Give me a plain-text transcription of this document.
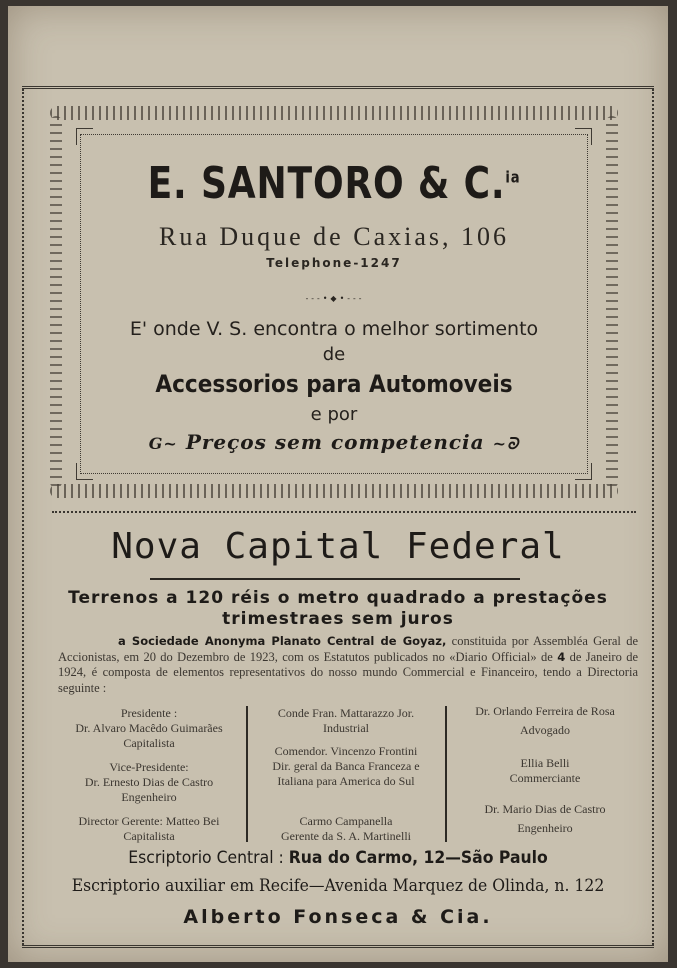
E. SANTORO & C.$^{ia}$
Rua Duque de Caxias, 106
Telephone-1247
---•◆•---
E' onde V. S. encontra o melhor sortimento
de
Accessorios para Automoveis
e por
G~ Preços sem competencia ~ᘐ
Nova Capital Federal
Terrenos a 120 réis o metro quadrado a prestações
trimestraes sem juros
a Sociedade Anonyma Planato Central de Goyaz, constituida por Assembléa Geral de Accionistas, em 20 do Dezembro de 1923, com os Estatutos publicados no «Diario Official» de 4 de Janeiro de 1924, é composta de elementos representativos do nosso mundo Commercial e Financeiro, tendo a Directoria seguinte :
Presidente :
Dr. Alvaro Macêdo Guimarães
Capitalista
Vice-Presidente:
Dr. Ernesto Dias de Castro
Engenheiro
Director Gerente: Matteo Bei
Capitalista
Conde Fran. Mattarazzo Jor.
Industrial
Comendor. Vincenzo Frontini
Dir. geral da Banca Franceza e Italiana para America do Sul
Carmo Campanella
Gerente da S. A. Martinelli
Dr. Orlando Ferreira de Rosa
Advogado
Ellia Belli
Commerciante
Dr. Mario Dias de Castro
Engenheiro
Escriptorio Central : Rua do Carmo, 12—São Paulo
Escriptorio auxiliar em Recife—Avenida Marquez de Olinda, n. 122
Alberto Fonseca & Cia.
